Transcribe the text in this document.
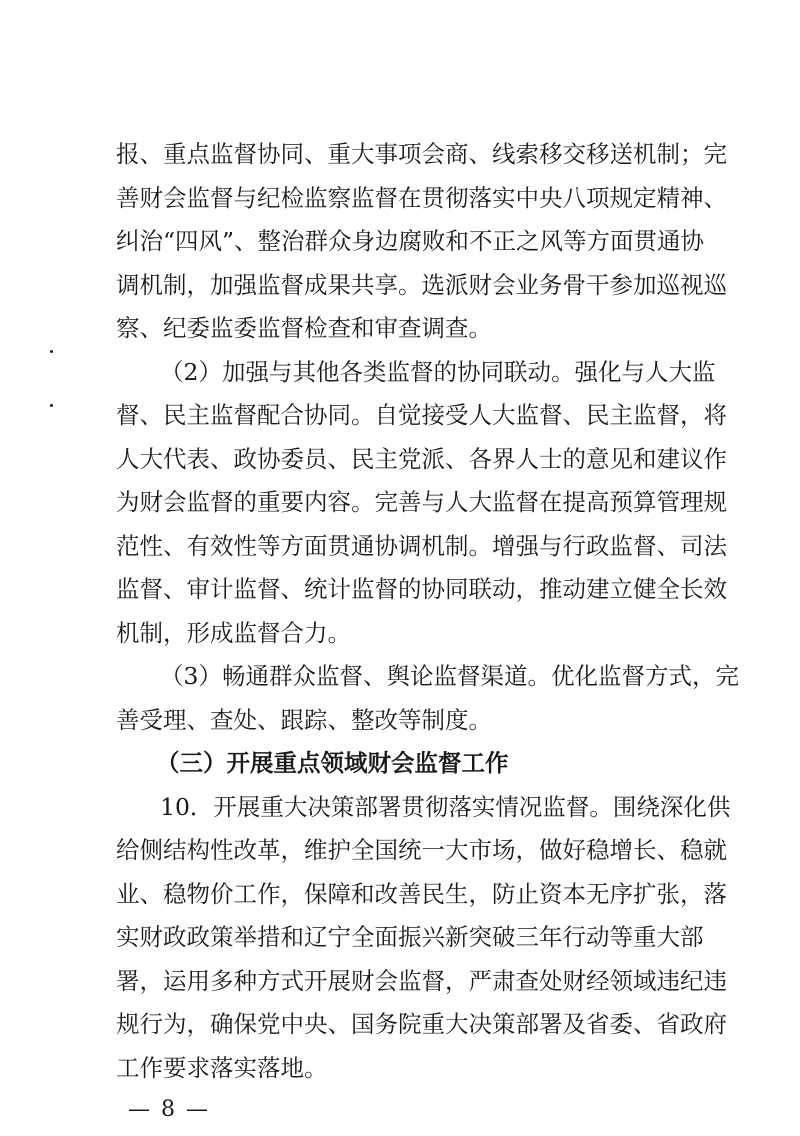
报、重点监督协同、重大事项会商、线索移交移送机制；完
善财会监督与纪检监察监督在贯彻落实中央八项规定精神、
纠治“四风”、整治群众身边腐败和不正之风等方面贯通协
调机制，加强监督成果共享。选派财会业务骨干参加巡视巡
察、纪委监委监督检查和审查调查。
（2）加强与其他各类监督的协同联动。强化与人大监
督、民主监督配合协同。自觉接受人大监督、民主监督，将
人大代表、政协委员、民主党派、各界人士的意见和建议作
为财会监督的重要内容。完善与人大监督在提高预算管理规
范性、有效性等方面贯通协调机制。增强与行政监督、司法
监督、审计监督、统计监督的协同联动，推动建立健全长效
机制，形成监督合力。
（3）畅通群众监督、舆论监督渠道。优化监督方式，完
善受理、查处、跟踪、整改等制度。
（三）开展重点领域财会监督工作
10．开展重大决策部署贯彻落实情况监督。围绕深化供
给侧结构性改革，维护全国统一大市场，做好稳增长、稳就
业、稳物价工作，保障和改善民生，防止资本无序扩张，落
实财政政策举措和辽宁全面振兴新突破三年行动等重大部
署，运用多种方式开展财会监督，严肃查处财经领域违纪违
规行为，确保党中央、国务院重大决策部署及省委、省政府
工作要求落实落地。
— 8 —
